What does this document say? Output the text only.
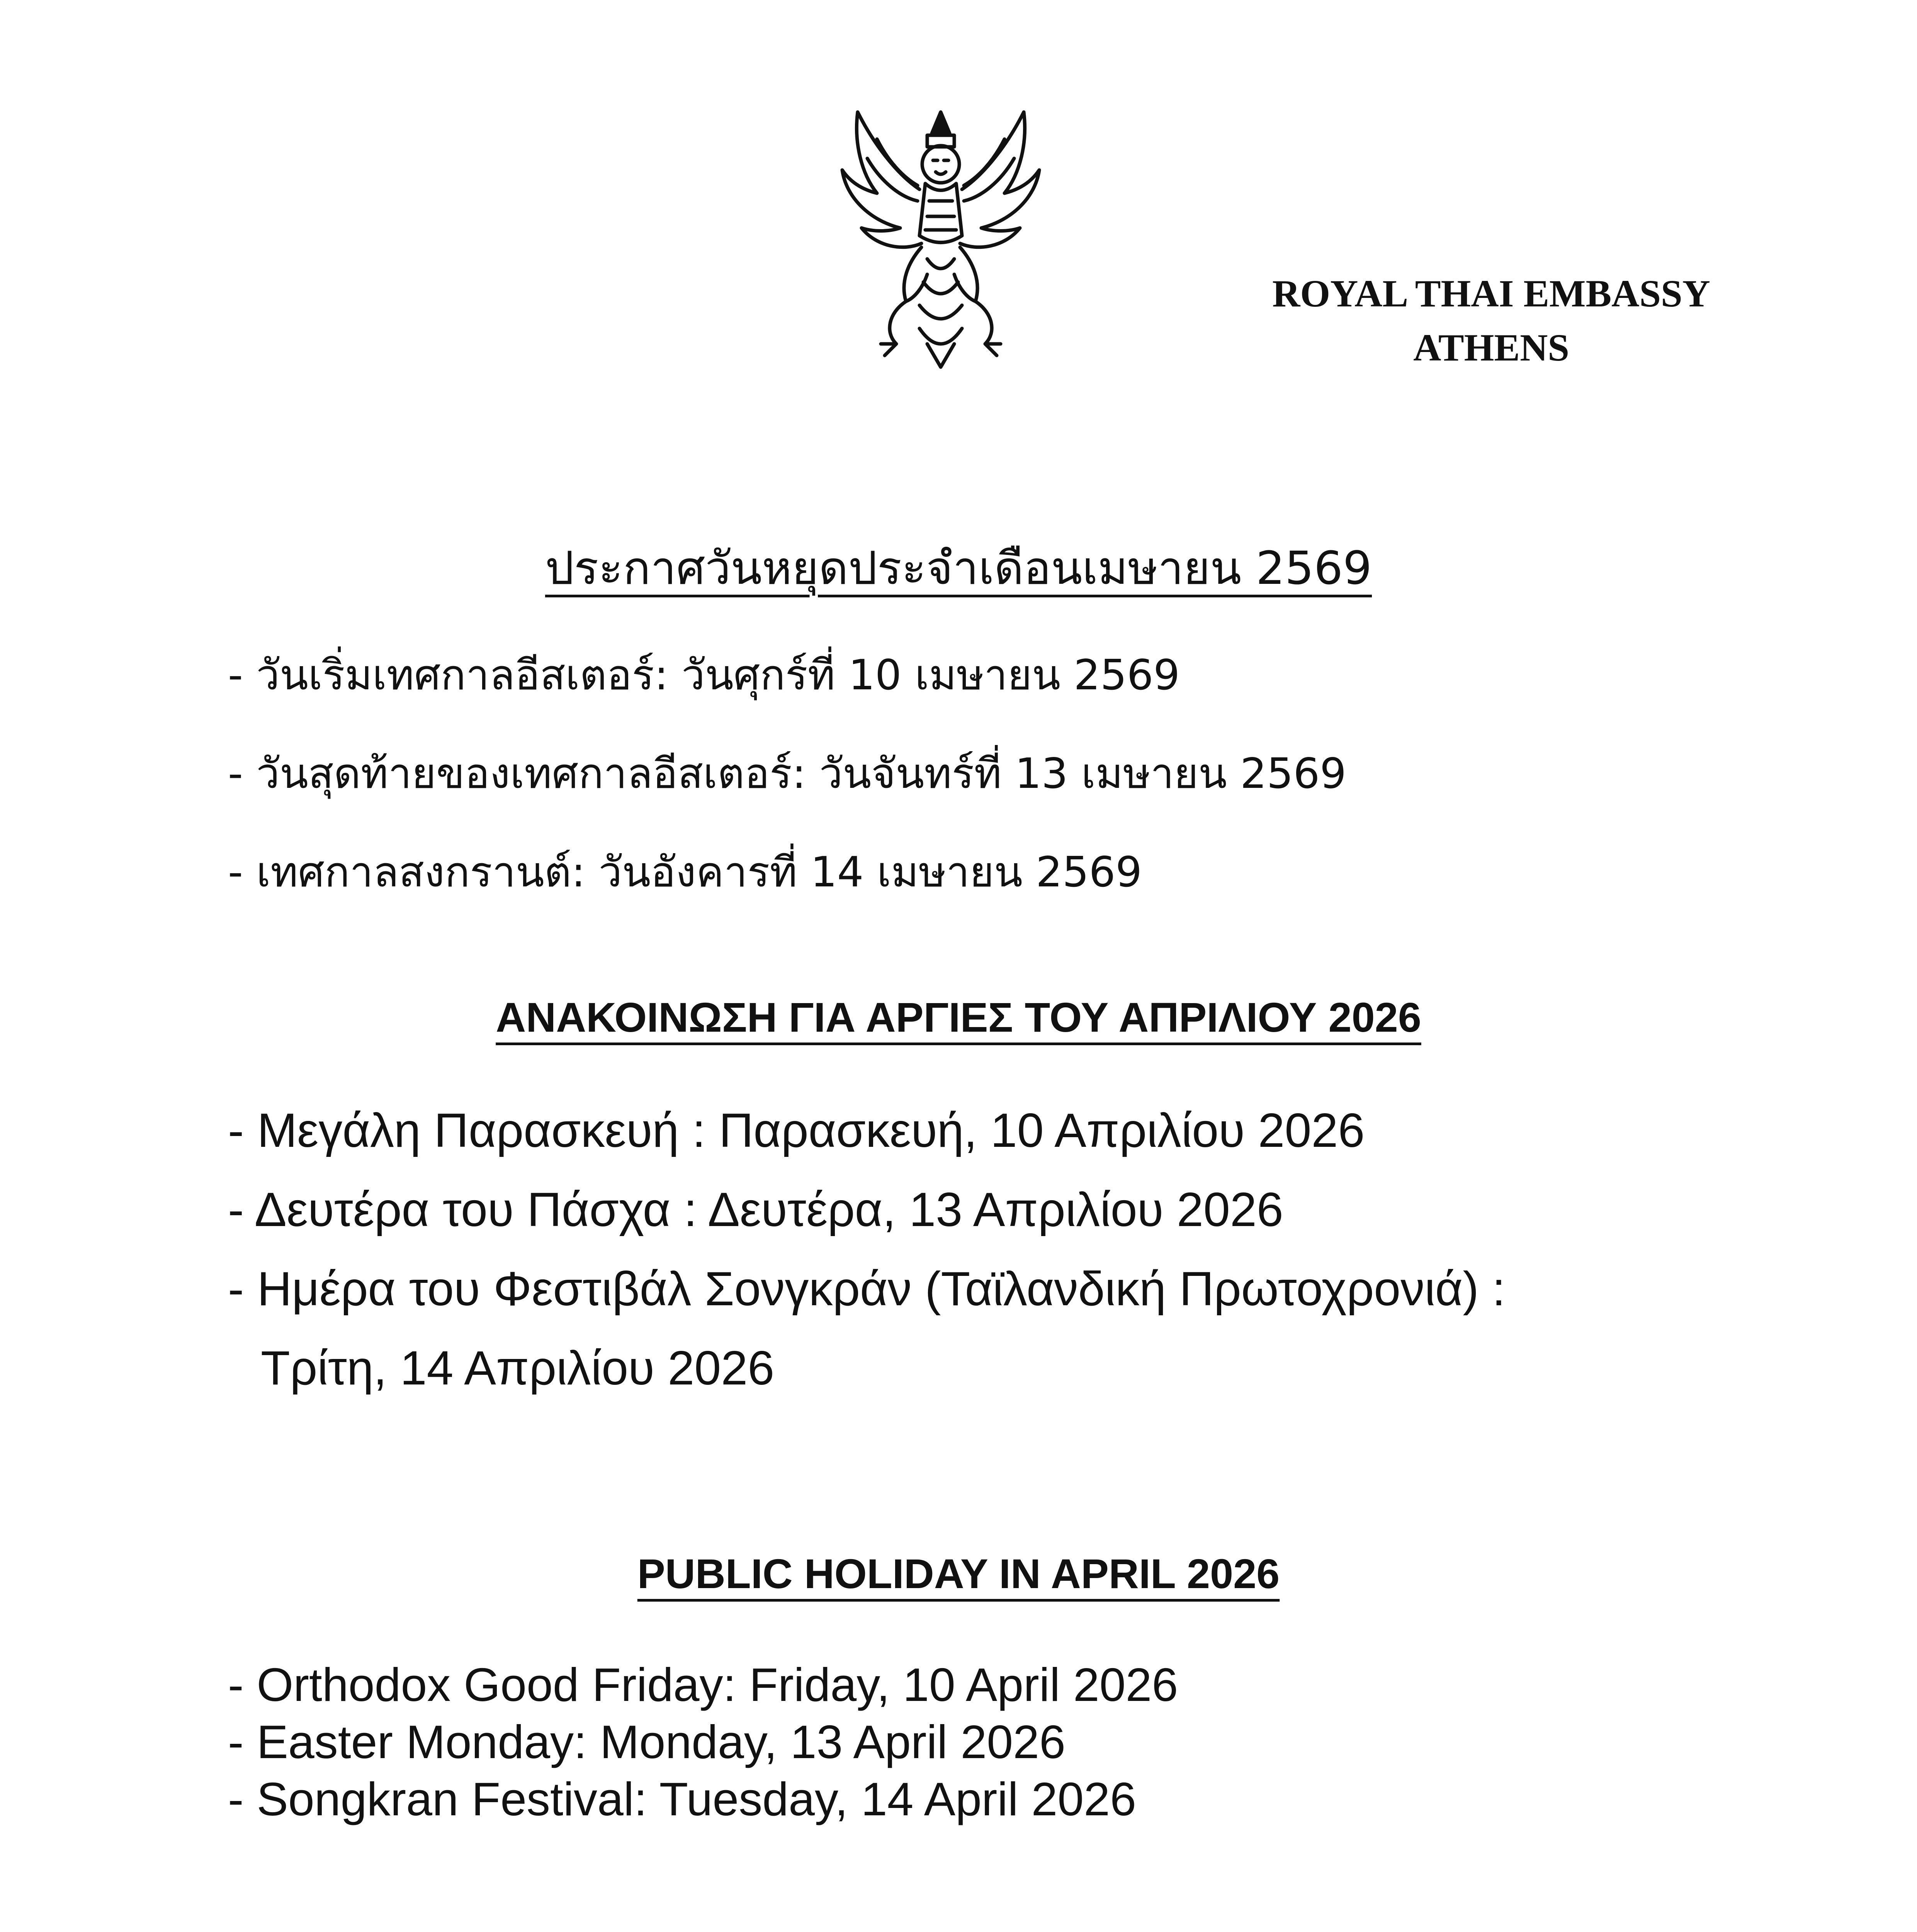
ROYAL THAI EMBASSY
ATHENS
ประกาศวันหยุดประจำเดือนเมษายน 2569
- วันเริ่มเทศกาลอีสเตอร์: วันศุกร์ที่ 10 เมษายน 2569
- วันสุดท้ายของเทศกาลอีสเตอร์: วันจันทร์ที่ 13 เมษายน 2569
- เทศกาลสงกรานต์: วันอังคารที่ 14 เมษายน 2569
ΑΝΑΚΟΙΝΩΣΗ ΓΙΑ ΑΡΓΙΕΣ ΤΟΥ ΑΠΡΙΛΙΟΥ 2026
- Μεγάλη Παρασκευή : Παρασκευή, 10 Απριλίου 2026
- Δευτέρα του Πάσχα : Δευτέρα, 13 Απριλίου 2026
- Ημέρα του Φεστιβάλ Σονγκράν (Ταϊλανδική Πρωτοχρονιά) :
Τρίτη, 14 Απριλίου 2026
PUBLIC HOLIDAY IN APRIL 2026
- Orthodox Good Friday: Friday, 10 April 2026
- Easter Monday: Monday, 13 April 2026
- Songkran Festival: Tuesday, 14 April 2026
